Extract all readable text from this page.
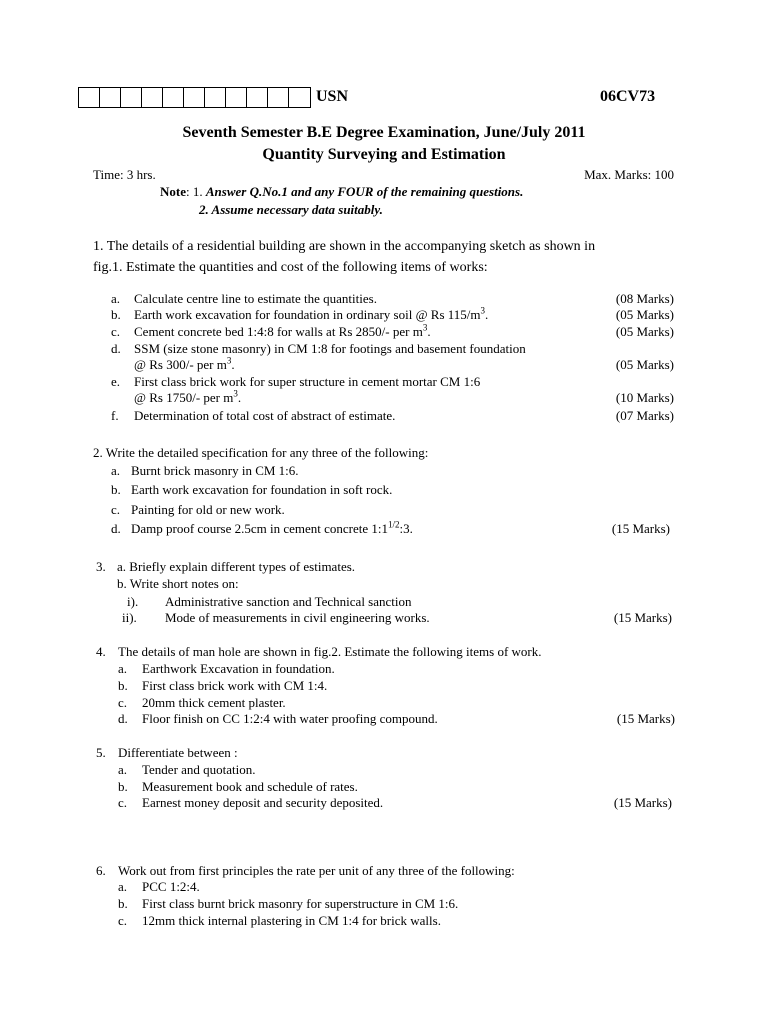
USN	06CV73
Seventh Semester B.E Degree Examination, June/July 2011
Quantity Surveying and Estimation
Time: 3 hrs.	Max. Marks: 100
Note: 1. Answer Q.No.1 and any FOUR of the remaining questions.
2. Assume necessary data suitably.
1. The details of a residential building are shown in the accompanying sketch as shown in
fig.1. Estimate the quantities and cost of the following items of works:
a. Calculate centre line to estimate the quantities.	(08 Marks)
b. Earth work excavation for foundation in ordinary soil @ Rs $115/m^3$.	(05 Marks)
c. Cement concrete bed 1:4:8 for walls at Rs 2850/- per $m^3$.	(05 Marks)
d. SSM (size stone masonry) in CM 1:8 for footings and basement foundation
@ Rs 300/- per $m^3$.	(05 Marks)
e. First class brick work for super structure in cement mortar CM 1:6
@ Rs 1750/- per $m^3$.	(10 Marks)
f. Determination of total cost of abstract of estimate.	(07 Marks)
2. Write the detailed specification for any three of the following:
a. Burnt brick masonry in CM 1:6.
b. Earth work excavation for foundation in soft rock.
c. Painting for old or new work.
d. Damp proof course 2.5cm in cement concrete $1:1^{1/2}:3$.	(15 Marks)
3. a. Briefly explain different types of estimates.
b. Write short notes on:
i). Administrative sanction and Technical sanction
ii). Mode of measurements in civil engineering works.	(15 Marks)
4. The details of man hole are shown in fig.2. Estimate the following items of work.
a. Earthwork Excavation in foundation.
b. First class brick work with CM 1:4.
c. 20mm thick cement plaster.
d. Floor finish on CC 1:2:4 with water proofing compound.	(15 Marks)
5. Differentiate between :
a. Tender and quotation.
b. Measurement book and schedule of rates.
c. Earnest money deposit and security deposited.	(15 Marks)
6. Work out from first principles the rate per unit of any three of the following:
a. PCC 1:2:4.
b. First class burnt brick masonry for superstructure in CM 1:6.
c. 12mm thick internal plastering in CM 1:4 for brick walls.
